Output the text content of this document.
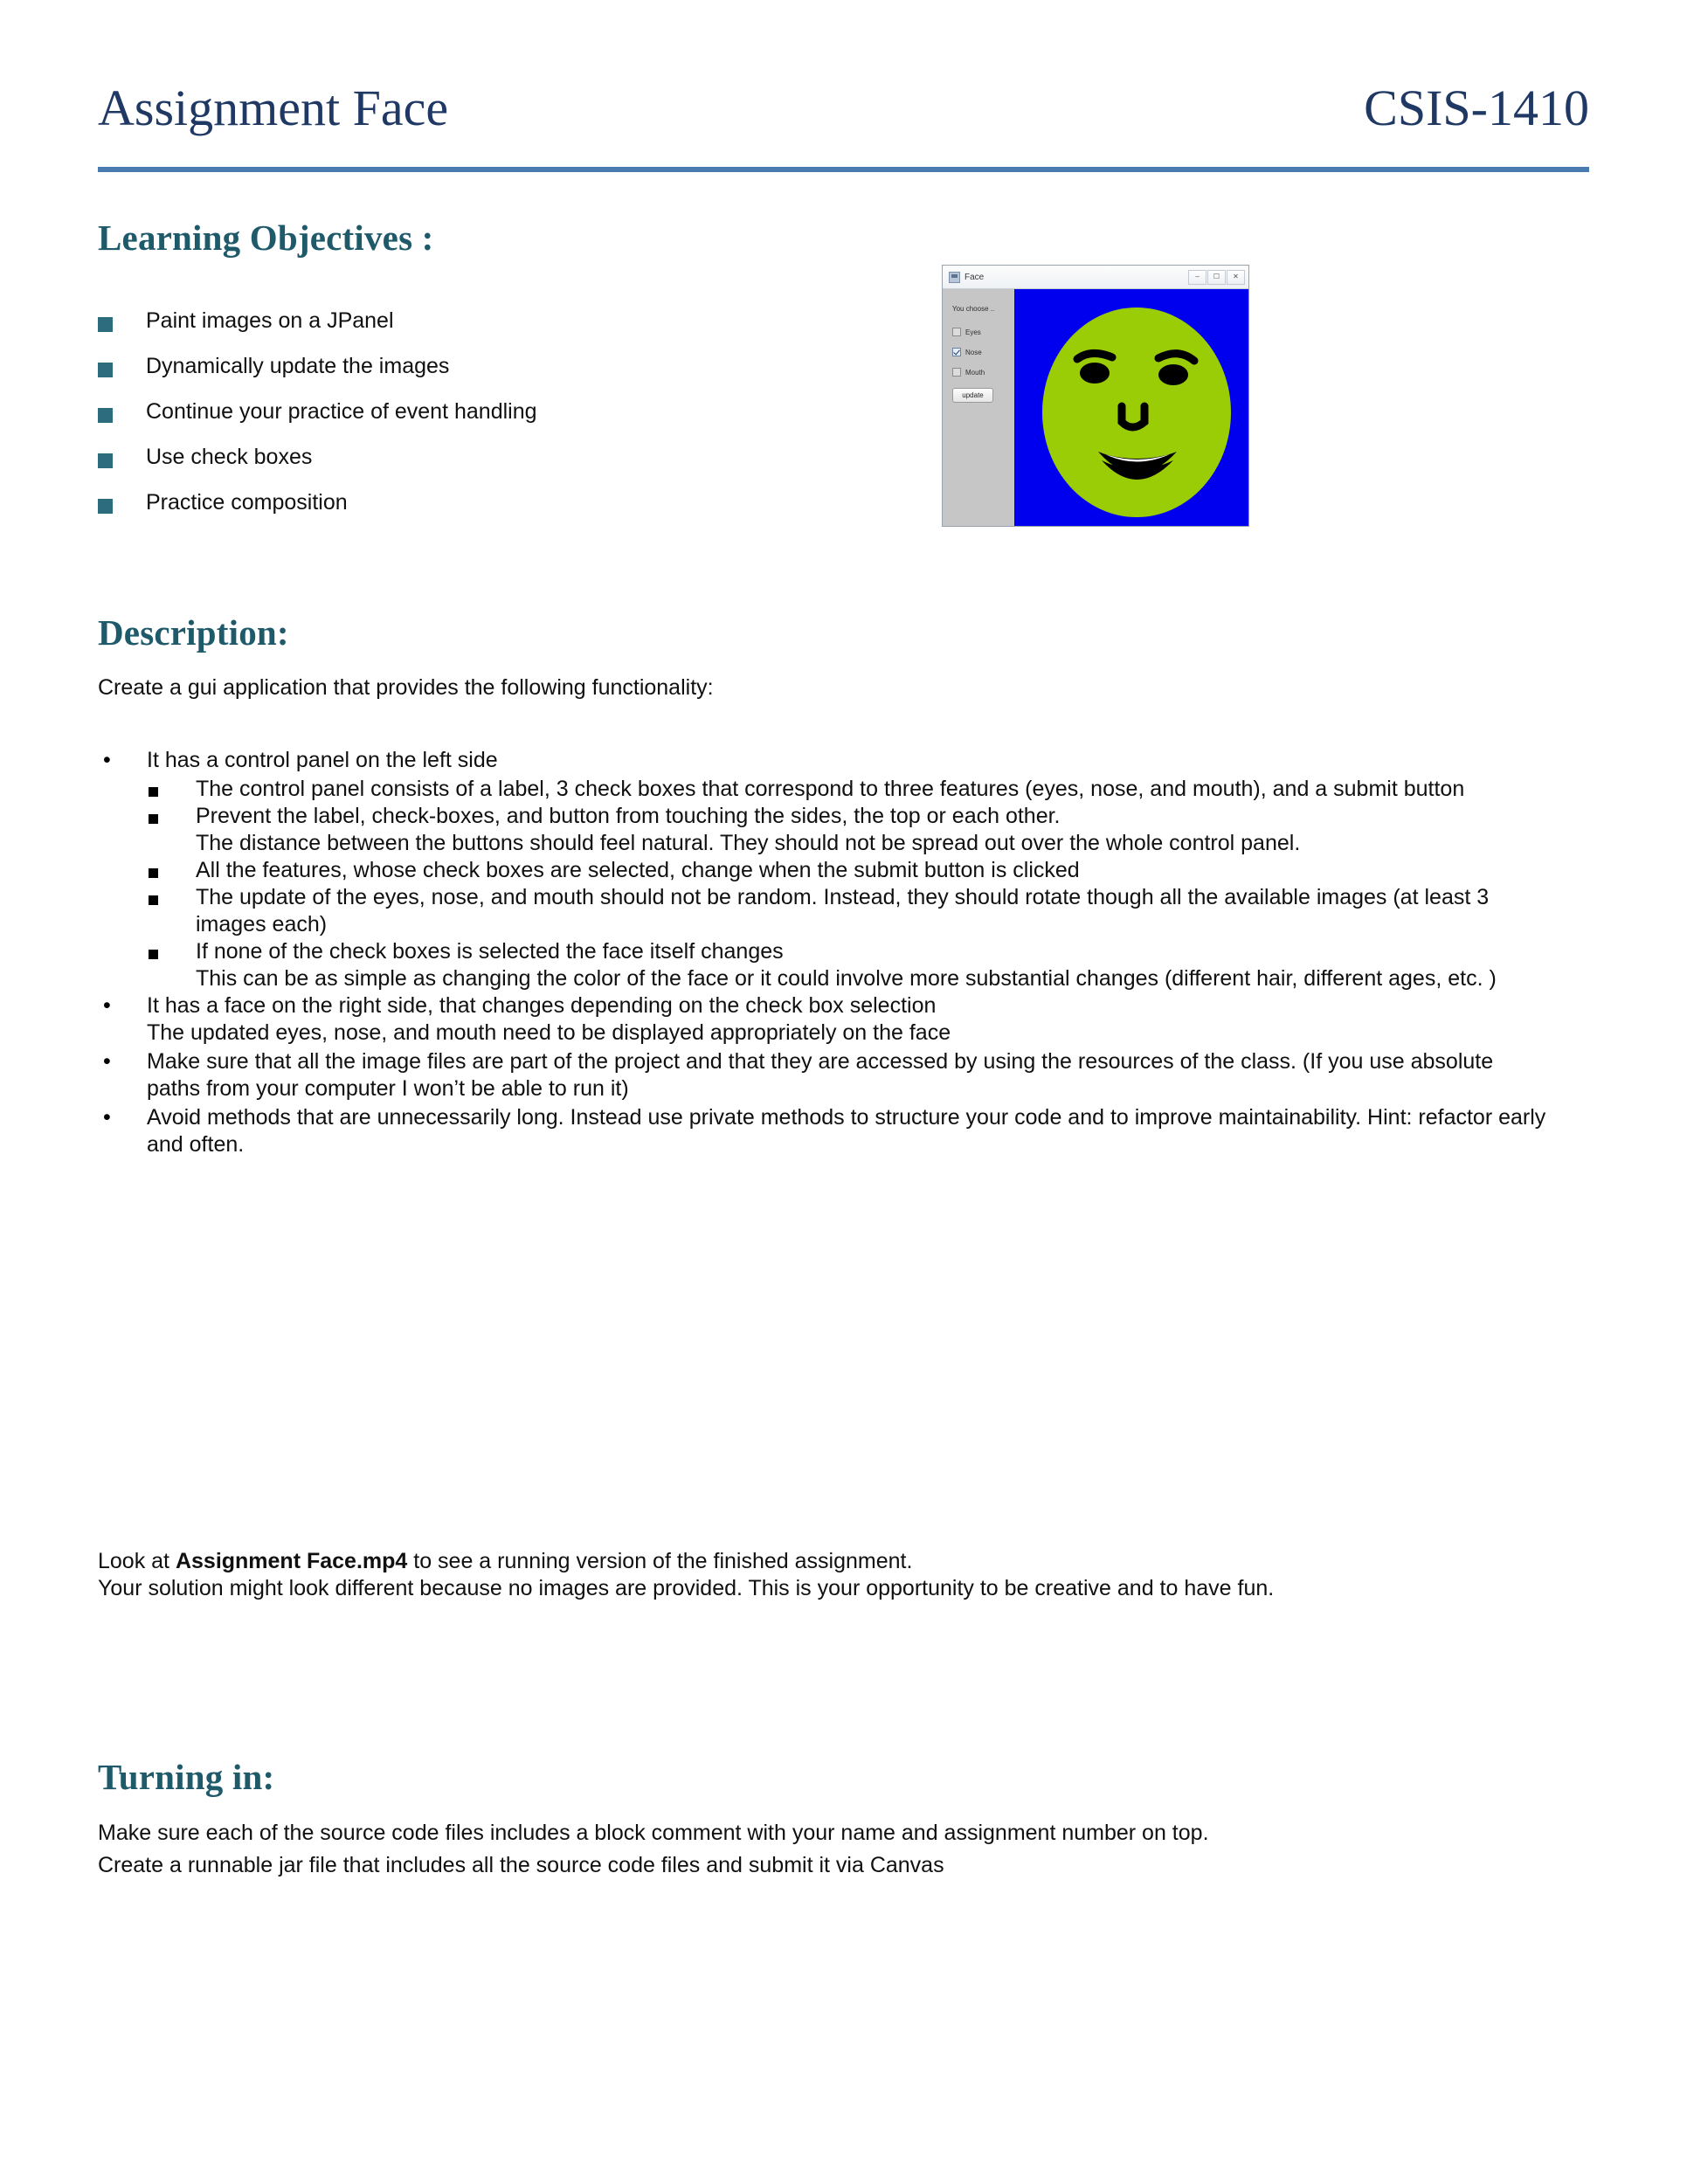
Assignment Face	CSIS-1410
Learning Objectives :
Paint images on a JPanel
Dynamically update the images
Continue your practice of event handling
Use check boxes
Practice composition
Face	–	☐	✕
You choose ..
Eyes
Nose
Mouth
update
Description:
Create a gui application that provides the following functionality:
•	It has a control panel on the left side
The control panel consists of a label, 3 check boxes that correspond to three features (eyes, nose, and mouth), and a submit button
Prevent the label, check-boxes, and button from touching the sides, the top or each other.
The distance between the buttons should feel natural. They should not be spread out over the whole control panel.
All the features, whose check boxes are selected, change when the submit button is clicked
The update of the eyes, nose, and mouth should not be random. Instead, they should rotate though all the available images (at least 3 images each)
If none of the check boxes is selected the face itself changes
This can be as simple as changing the color of the face or it could involve more substantial changes (different hair, different ages, etc. )
•	It has a face on the right side, that changes depending on the check box selection
The updated eyes, nose, and mouth need to be displayed appropriately on the face
•	Make sure that all the image files are part of the project and that they are accessed by using the resources of the class. (If you use absolute paths from your computer I won’t be able to run it)
•	Avoid methods that are unnecessarily long. Instead use private methods to structure your code and to improve maintainability. Hint: refactor early and often.
Look at Assignment Face.mp4 to see a running version of the finished assignment.
Your solution might look different because no images are provided. This is your opportunity to be creative and to have fun.
Turning in:
Make sure each of the source code files includes a block comment with your name and assignment number on top.
Create a runnable jar file that includes all the source code files and submit it via Canvas
